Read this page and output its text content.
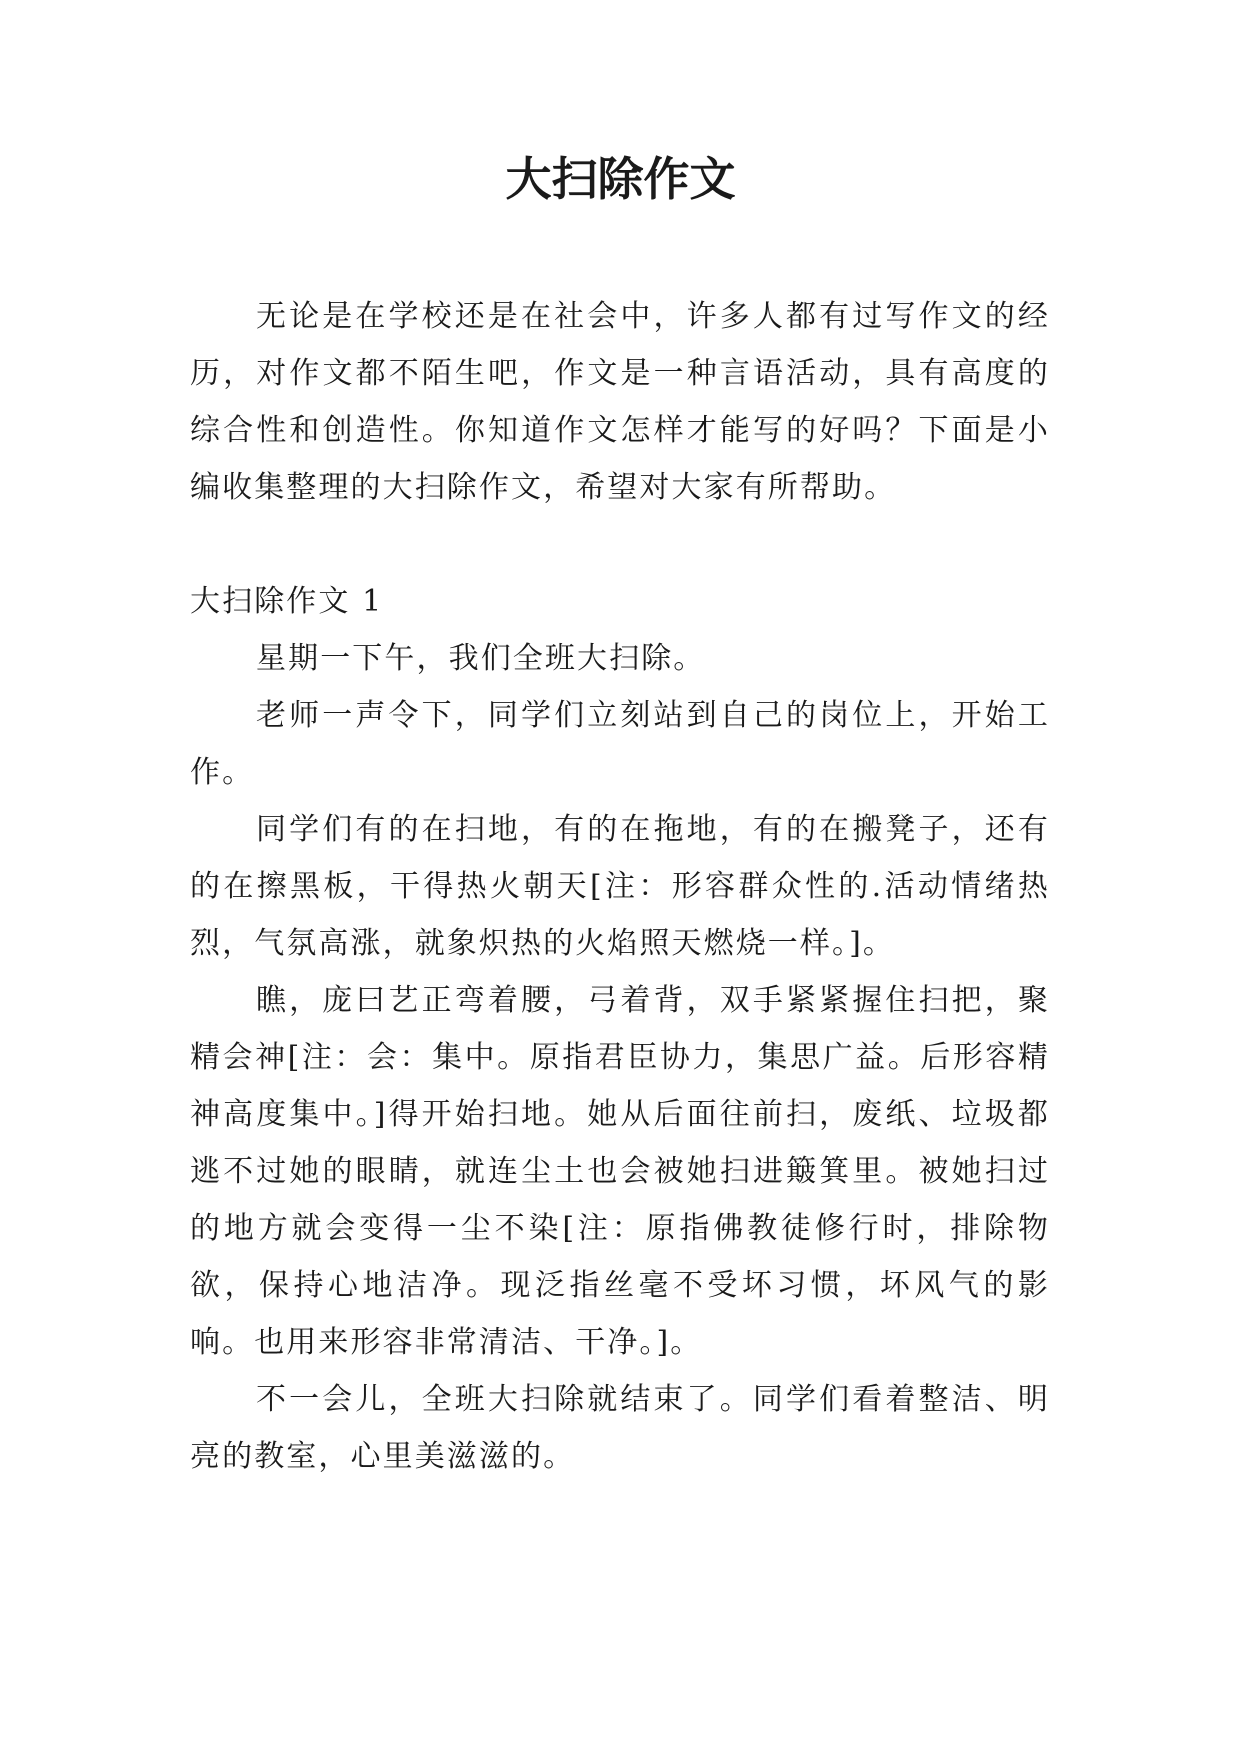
大扫除作文

无论是在学校还是在社会中，许多人都有过写作文的经历，对作文都不陌生吧，作文是一种言语活动，具有高度的综合性和创造性。你知道作文怎样才能写的好吗？下面是小编收集整理的大扫除作文，希望对大家有所帮助。

大扫除作文 1

星期一下午，我们全班大扫除。

老师一声令下，同学们立刻站到自己的岗位上，开始工作。

同学们有的在扫地，有的在拖地，有的在搬凳子，还有的在擦黑板，干得热火朝天[注：形容群众性的.活动情绪热烈，气氛高涨，就象炽热的火焰照天燃烧一样。]。

瞧，庞曰艺正弯着腰，弓着背，双手紧紧握住扫把，聚精会神[注：会：集中。原指君臣协力，集思广益。后形容精神高度集中。]得开始扫地。她从后面往前扫，废纸、垃圾都逃不过她的眼睛，就连尘土也会被她扫进簸箕里。被她扫过的地方就会变得一尘不染[注：原指佛教徒修行时，排除物欲，保持心地洁净。现泛指丝毫不受坏习惯，坏风气的影响。也用来形容非常清洁、干净。]。

不一会儿，全班大扫除就结束了。同学们看着整洁、明亮的教室，心里美滋滋的。
